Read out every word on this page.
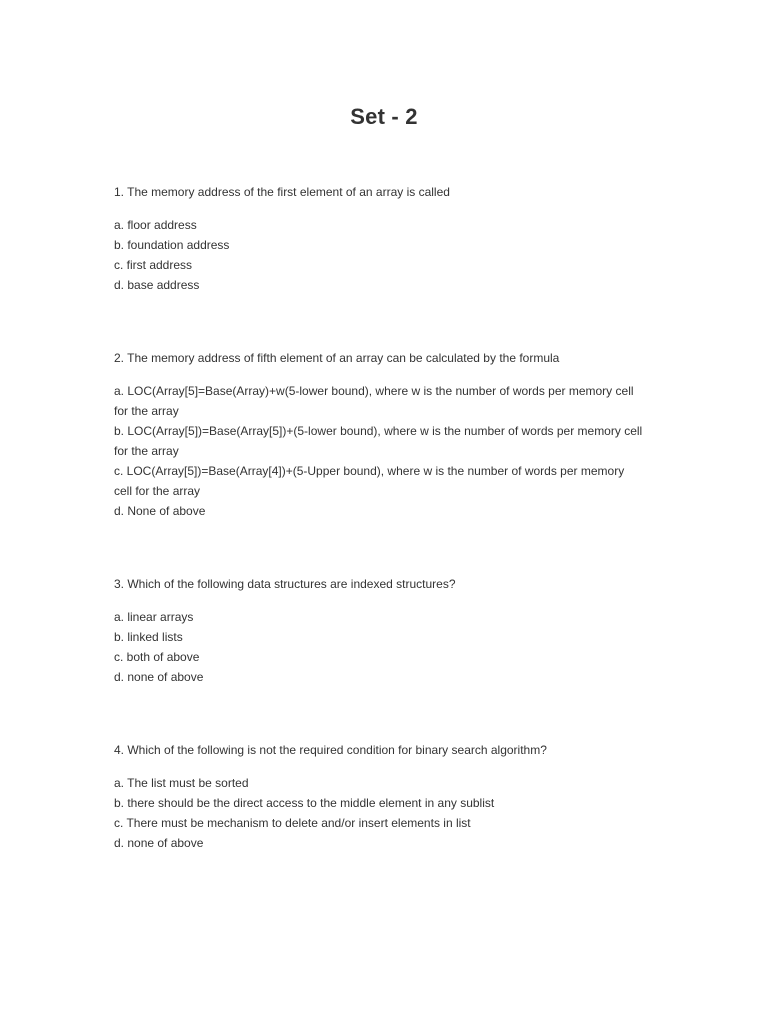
Set - 2

1. The memory address of the first element of an array is called

a. floor address
b. foundation address
c. first address
d. base address

2. The memory address of fifth element of an array can be calculated by the formula

a. LOC(Array[5]=Base(Array)+w(5-lower bound), where w is the number of words per memory cell for the array
b. LOC(Array[5])=Base(Array[5])+(5-lower bound), where w is the number of words per memory cell for the array
c. LOC(Array[5])=Base(Array[4])+(5-Upper bound), where w is the number of words per memory cell for the array
d. None of above

3. Which of the following data structures are indexed structures?

a. linear arrays
b. linked lists
c. both of above
d. none of above

4. Which of the following is not the required condition for binary search algorithm?

a. The list must be sorted
b. there should be the direct access to the middle element in any sublist
c. There must be mechanism to delete and/or insert elements in list
d. none of above
